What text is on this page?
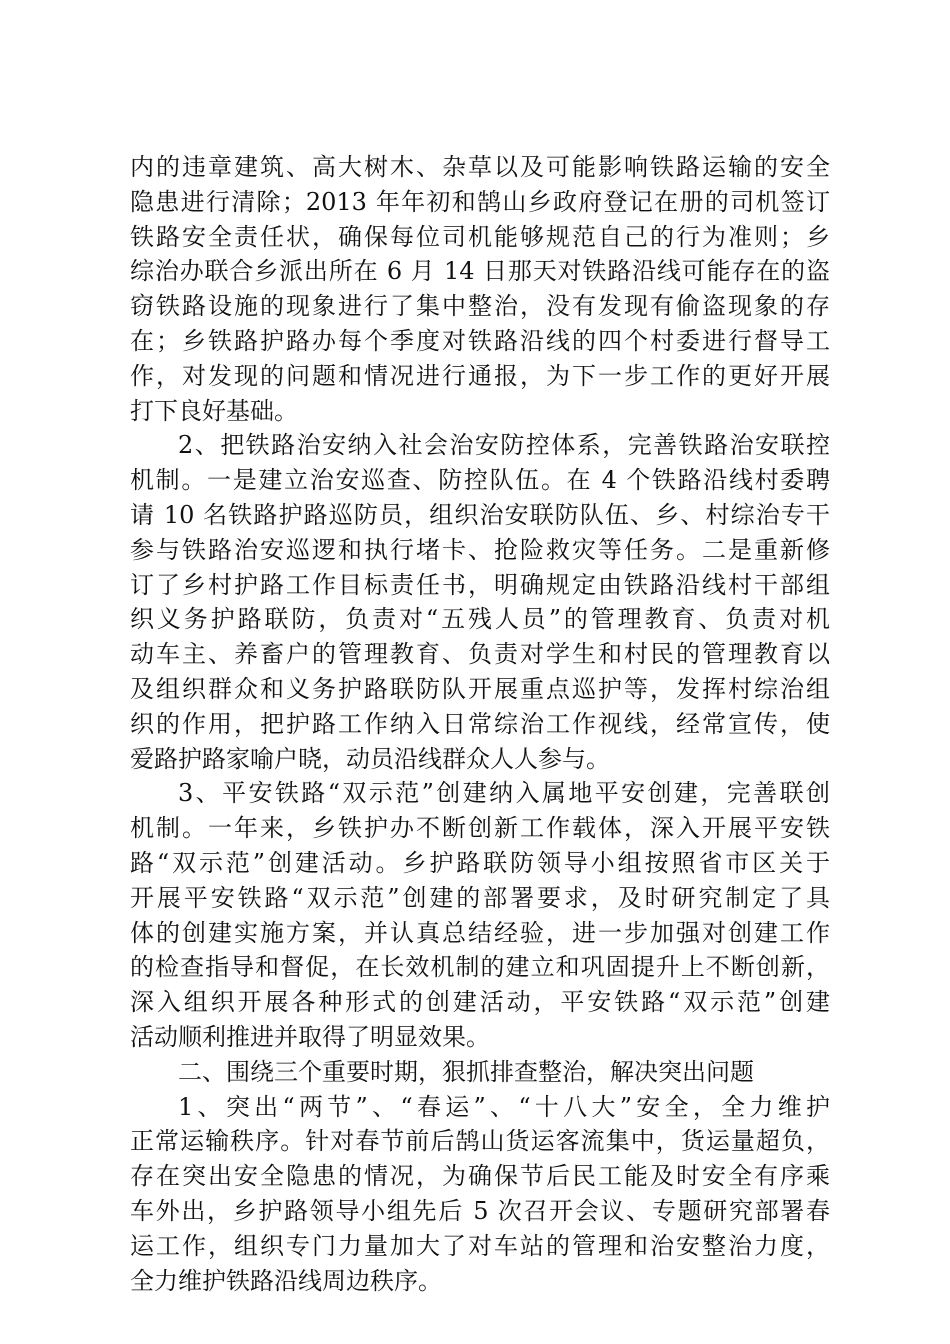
内的违章建筑、高大树木、杂草以及可能影响铁路运输的安全
隐患进行清除；2013 年年初和鹄山乡政府登记在册的司机签订
铁路安全责任状，确保每位司机能够规范自己的行为准则；乡
综治办联合乡派出所在 6 月 14 日那天对铁路沿线可能存在的盗
窃铁路设施的现象进行了集中整治，没有发现有偷盗现象的存
在；乡铁路护路办每个季度对铁路沿线的四个村委进行督导工
作，对发现的问题和情况进行通报，为下一步工作的更好开展
打下良好基础。
2、把铁路治安纳入社会治安防控体系，完善铁路治安联控
机制。一是建立治安巡查、防控队伍。在 4 个铁路沿线村委聘
请 10 名铁路护路巡防员，组织治安联防队伍、乡、村综治专干
参与铁路治安巡逻和执行堵卡、抢险救灾等任务。二是重新修
订了乡村护路工作目标责任书，明确规定由铁路沿线村干部组
织义务护路联防，负责对“五残人员”的管理教育、负责对机
动车主、养畜户的管理教育、负责对学生和村民的管理教育以
及组织群众和义务护路联防队开展重点巡护等，发挥村综治组
织的作用，把护路工作纳入日常综治工作视线，经常宣传，使
爱路护路家喻户晓，动员沿线群众人人参与。
3、平安铁路“双示范”创建纳入属地平安创建，完善联创
机制。一年来，乡铁护办不断创新工作载体，深入开展平安铁
路“双示范”创建活动。乡护路联防领导小组按照省市区关于
开展平安铁路“双示范”创建的部署要求，及时研究制定了具
体的创建实施方案，并认真总结经验，进一步加强对创建工作
的检查指导和督促，在长效机制的建立和巩固提升上不断创新，
深入组织开展各种形式的创建活动，平安铁路“双示范”创建
活动顺利推进并取得了明显效果。
二、围绕三个重要时期，狠抓排查整治，解决突出问题
1、突出“两节”、“春运”、“十八大”安全，全力维护
正常运输秩序。针对春节前后鹄山货运客流集中，货运量超负，
存在突出安全隐患的情况，为确保节后民工能及时安全有序乘
车外出，乡护路领导小组先后 5 次召开会议、专题研究部署春
运工作，组织专门力量加大了对车站的管理和治安整治力度，
全力维护铁路沿线周边秩序。
